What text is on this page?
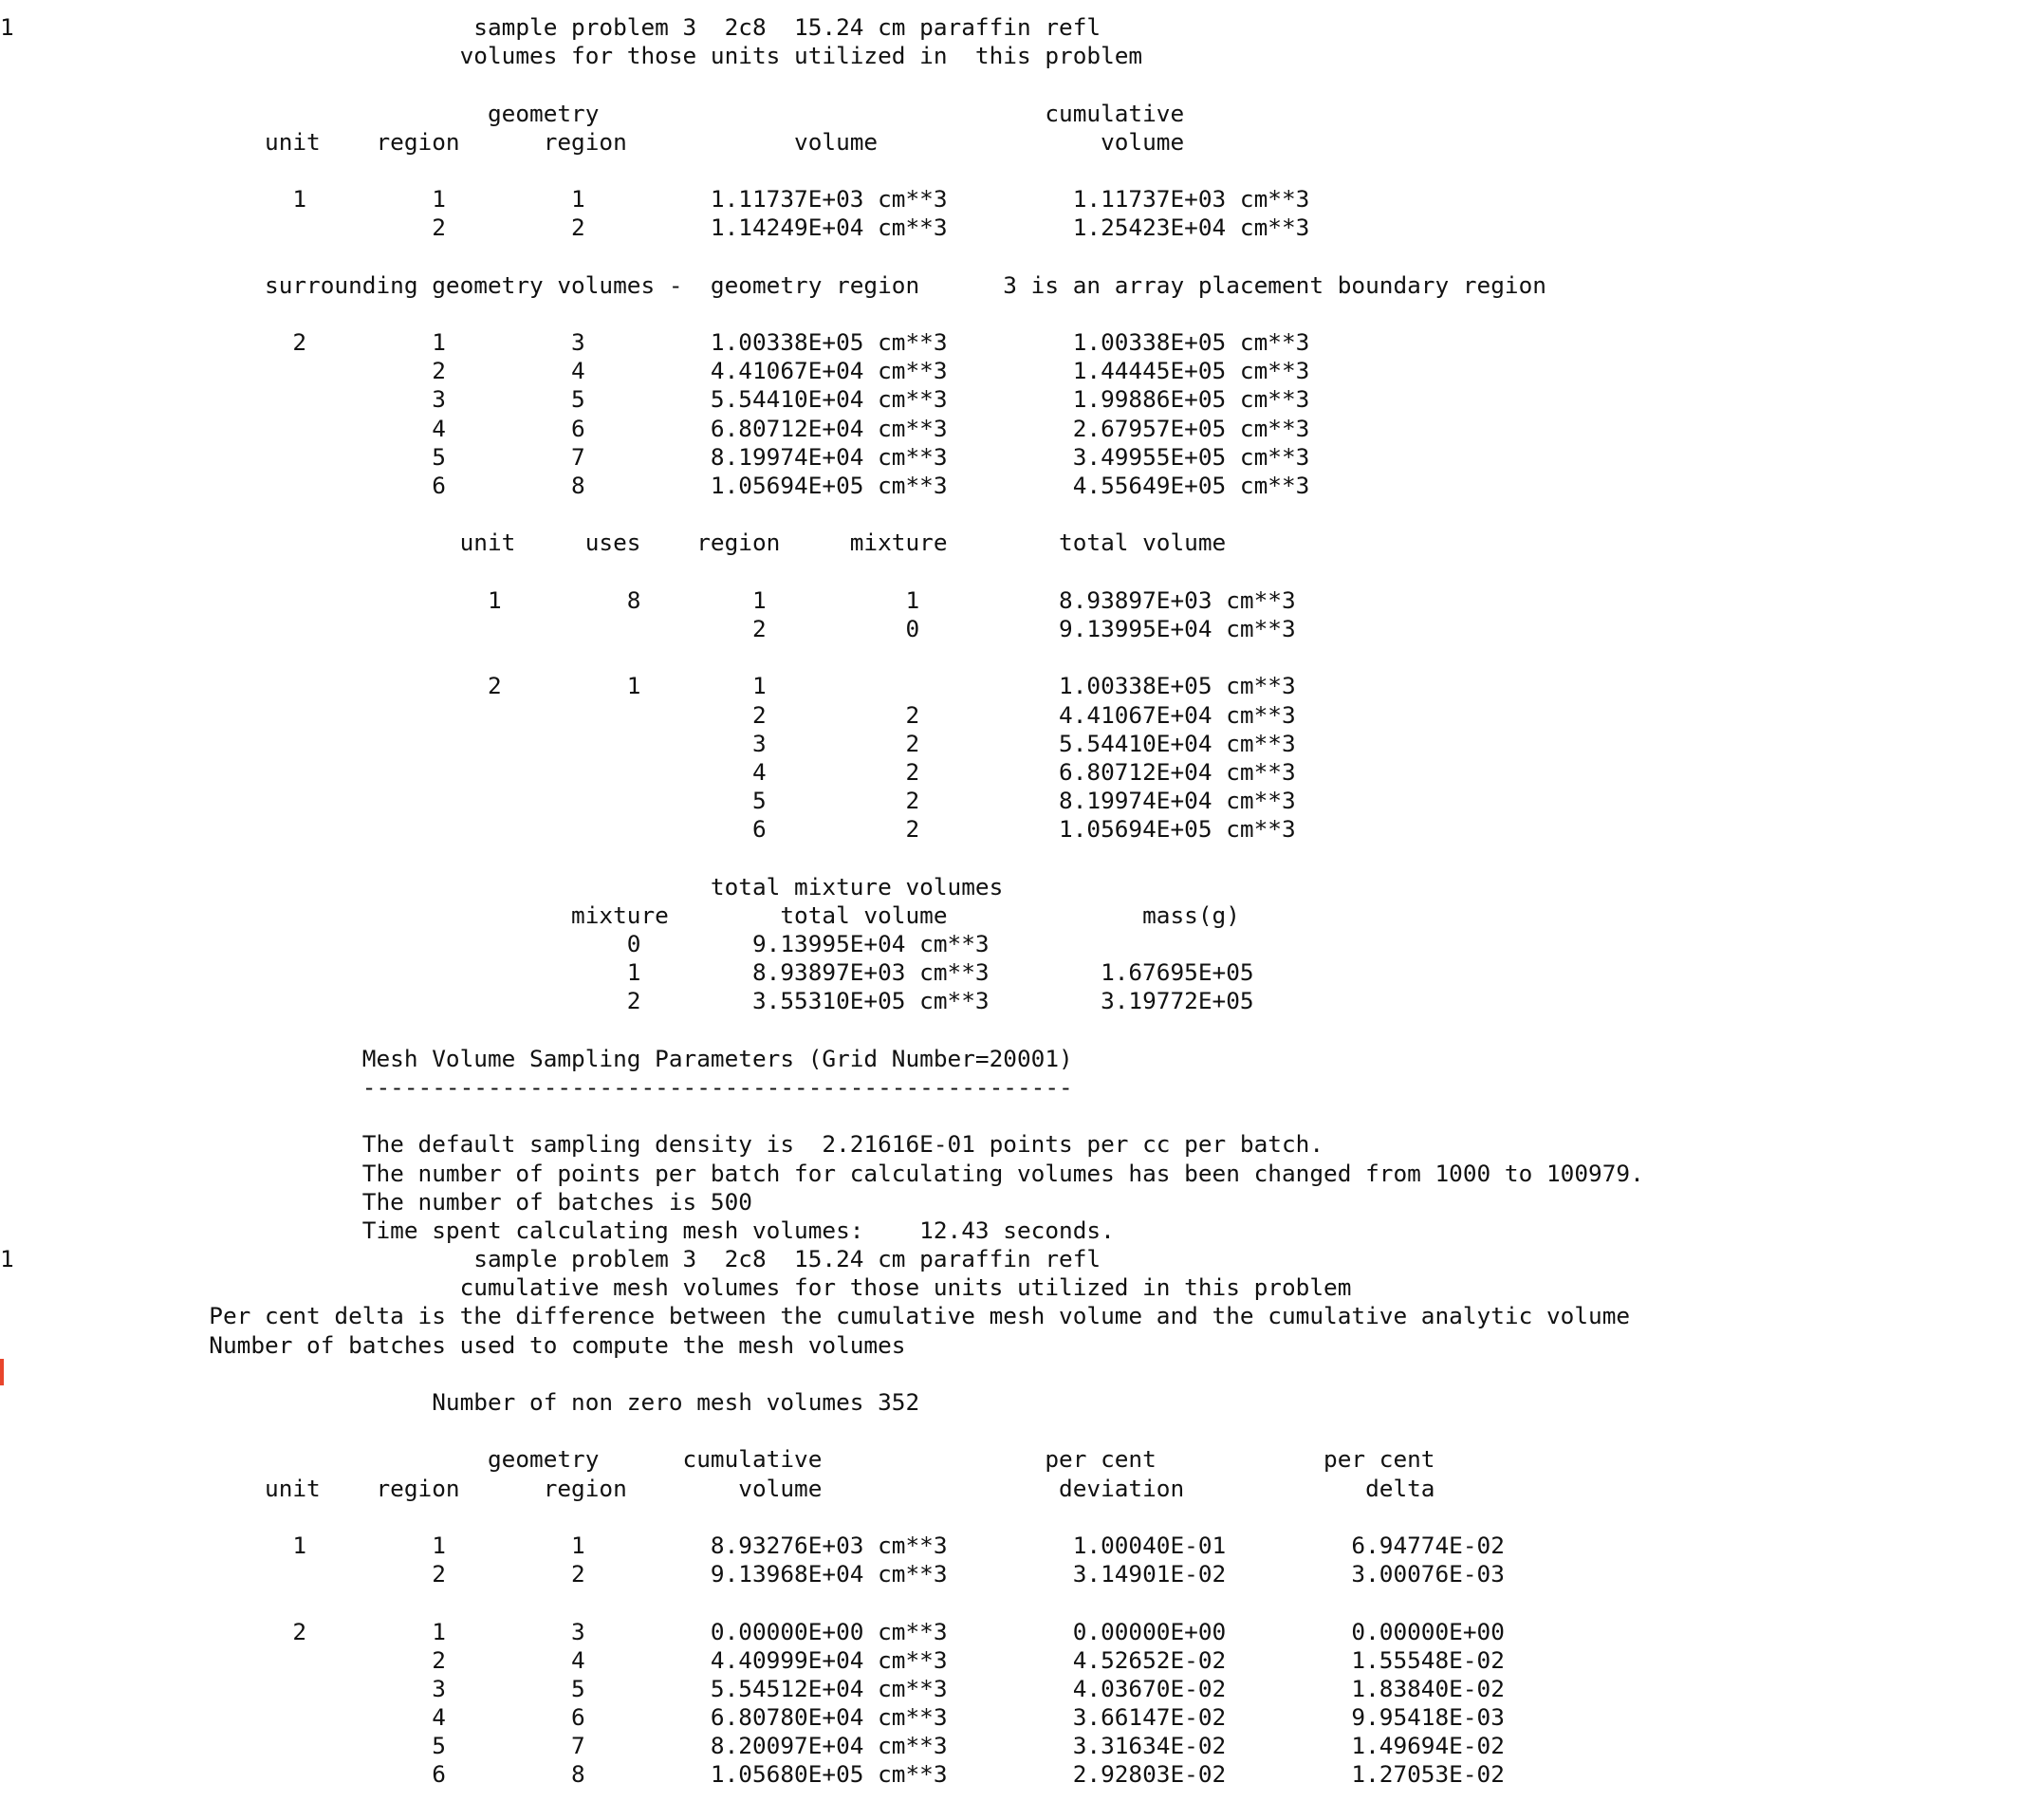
1                                 sample problem 3  2c8  15.24 cm paraffin refl
volumes for those units utilized in  this problem
geometry                                cumulative
unit    region      region            volume                volume
1         1         1         1.11737E+03 cm**3         1.11737E+03 cm**3
2         2         1.14249E+04 cm**3         1.25423E+04 cm**3
surrounding geometry volumes -  geometry region      3 is an array placement boundary region
2         1         3         1.00338E+05 cm**3         1.00338E+05 cm**3
2         4         4.41067E+04 cm**3         1.44445E+05 cm**3
3         5         5.54410E+04 cm**3         1.99886E+05 cm**3
4         6         6.80712E+04 cm**3         2.67957E+05 cm**3
5         7         8.19974E+04 cm**3         3.49955E+05 cm**3
6         8         1.05694E+05 cm**3         4.55649E+05 cm**3
unit     uses    region     mixture        total volume
1         8        1          1          8.93897E+03 cm**3
2          0          9.13995E+04 cm**3
2         1        1                     1.00338E+05 cm**3
2          2          4.41067E+04 cm**3
3          2          5.54410E+04 cm**3
4          2          6.80712E+04 cm**3
5          2          8.19974E+04 cm**3
6          2          1.05694E+05 cm**3
total mixture volumes
mixture        total volume              mass(g)
0        9.13995E+04 cm**3
1        8.93897E+03 cm**3        1.67695E+05
2        3.55310E+05 cm**3        3.19772E+05
Mesh Volume Sampling Parameters (Grid Number=20001)
---------------------------------------------------
The default sampling density is  2.21616E-01 points per cc per batch.
The number of points per batch for calculating volumes has been changed from 1000 to 100979.
The number of batches is 500
Time spent calculating mesh volumes:    12.43 seconds.
1                                 sample problem 3  2c8  15.24 cm paraffin refl
cumulative mesh volumes for those units utilized in this problem
Per cent delta is the difference between the cumulative mesh volume and the cumulative analytic volume
Number of batches used to compute the mesh volumes
Number of non zero mesh volumes 352
geometry      cumulative                per cent            per cent
unit    region      region        volume                 deviation             delta
1         1         1         8.93276E+03 cm**3         1.00040E-01         6.94774E-02
2         2         9.13968E+04 cm**3         3.14901E-02         3.00076E-03
2         1         3         0.00000E+00 cm**3         0.00000E+00         0.00000E+00
2         4         4.40999E+04 cm**3         4.52652E-02         1.55548E-02
3         5         5.54512E+04 cm**3         4.03670E-02         1.83840E-02
4         6         6.80780E+04 cm**3         3.66147E-02         9.95418E-03
5         7         8.20097E+04 cm**3         3.31634E-02         1.49694E-02
6         8         1.05680E+05 cm**3         2.92803E-02         1.27053E-02
